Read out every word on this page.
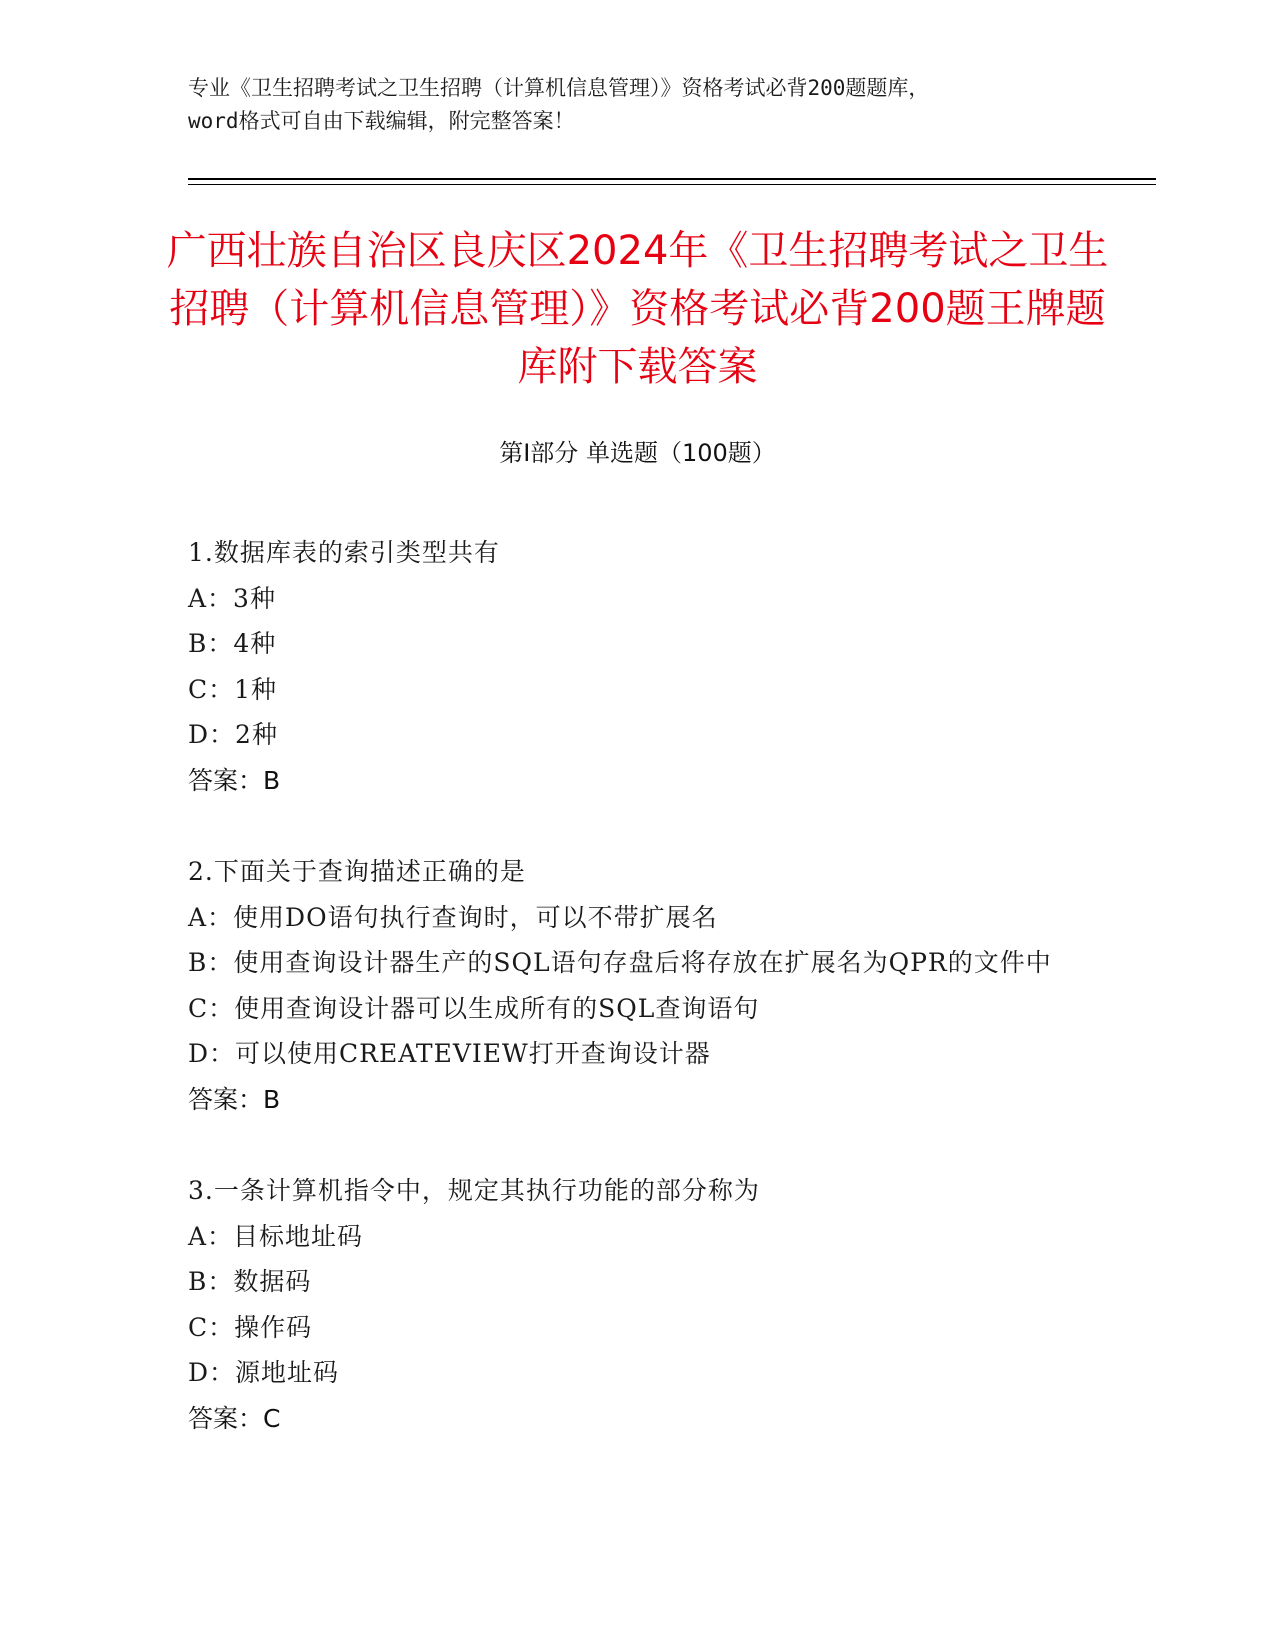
专业《卫生招聘考试之卫生招聘（计算机信息管理）》资格考试必背200题题库，
word格式可自由下载编辑，附完整答案！
广西壮族自治区良庆区2024年《卫生招聘考试之卫生招聘（计算机信息管理）》资格考试必背200题王牌题库附下载答案
第I部分 单选题（100题）
1.数据库表的索引类型共有
A：3种
B：4种
C：1种
D：2种
答案：B
2.下面关于查询描述正确的是
A：使用DO语句执行查询时，可以不带扩展名
B：使用查询设计器生产的SQL语句存盘后将存放在扩展名为QPR的文件中
C：使用查询设计器可以生成所有的SQL查询语句
D：可以使用CREATEVIEW打开查询设计器
答案：B
3.一条计算机指令中，规定其执行功能的部分称为
A：目标地址码
B：数据码
C：操作码
D：源地址码
答案：C
